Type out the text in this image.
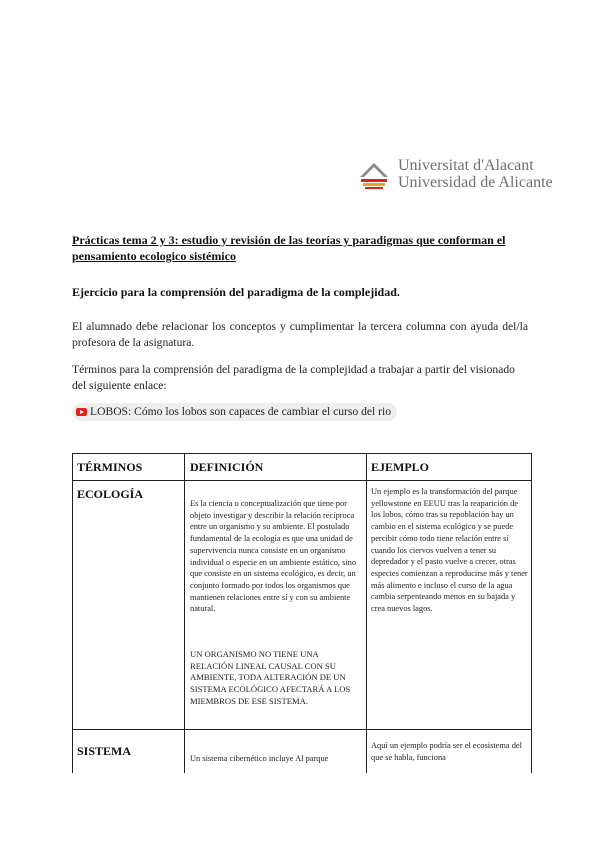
Universitat d'Alacant
Universidad de Alicante

Prácticas tema 2 y 3: estudio y revisión de las teorías y paradigmas que conforman el pensamiento ecologico sistémico

Ejercicio para la comprensión del paradigma de la complejidad.

El alumnado debe relacionar los conceptos y cumplimentar la tercera columna con ayuda del/la profesora de la asignatura.

Términos para la comprensión del paradigma de la complejidad a trabajar a partir del visionado del siguiente enlace:

LOBOS: Cómo los lobos son capaces de cambiar el curso del rio
TÉRMINOS	DEFINICIÓN	EJEMPLO
ECOLOGÍA

Es la ciencia o conceptualización que tiene por objeto investigar y describir la relación recíproca entre un organismo y su ambiente. El postulado fundamental de la ecología es que una unidad de supervivencia nunca consiste en un organismo individual o especie en un ambiente estático, sino que consiste en un sistema ecológico, es decir, un conjunto formado por todos los organismos que mantienen relaciones entre sí y con su ambiente natural.

UN ORGANISMO NO TIENE UNA RELACIÓN LINEAL CAUSAL CON SU AMBIENTE, TODA ALTERACIÓN DE UN SISTEMA ECOLÓGICO AFECTARÁ A LOS MIEMBROS DE ESE SISTEMA.

Un ejemplo es la transformación del parque yellowstone en EEUU tras la reaparición de los lobos, cómo tras su repoblación hay un cambio en el sistema ecológico y se puede percibir cómo todo tiene relación entre sí cuando los ciervos vuelven a tener su depredador y el pasto vuelve a crecer, otras especies comienzan a reproducirse más y tener más alimento e incluso el curso de la agua cambia serpenteando menos en su bajada y crea nuevos lagos.

SISTEMA

Un sistema cibernético incluye Al parque

Aquí un ejemplo podría ser el ecosistema del que se habla, funciona
